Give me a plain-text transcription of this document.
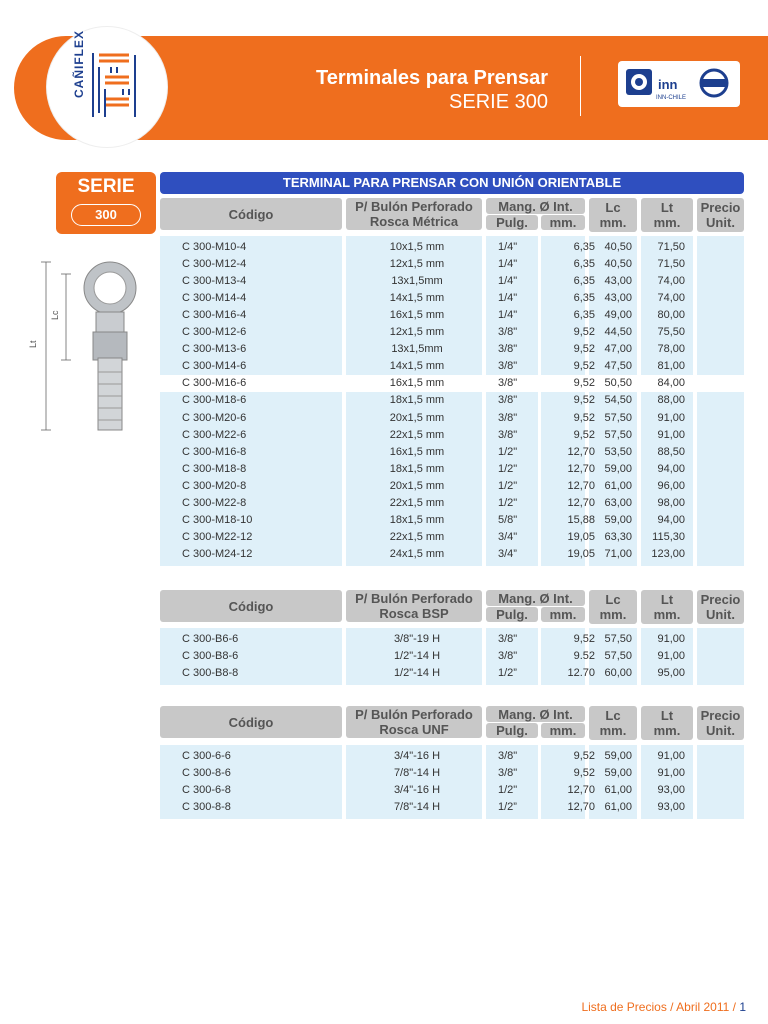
CAÑIFLEX	Terminales para Prensar
SERIE 300
inn
INN-CHILE
SERIE
300
Lt
Lc
TERMINAL PARA PRENSAR CON UNIÓN ORIENTABLE
Código	P/ Bulón Perforado
Rosca Métrica
Mang. Ø Int.
Pulg.	mm.
Lc
mm.
Lt
mm.
Precio
Unit.
C 300-M10-4	10x1,5 mm	1/4"	6,35 40,50	71,50
C 300-M12-4	12x1,5 mm	1/4"	6,35 40,50	71,50
C 300-M13-4	13x1,5mm	1/4"	6,35 43,00	74,00
C 300-M14-4	14x1,5 mm	1/4"	6,35 43,00	74,00
C 300-M16-4	16x1,5 mm	1/4"	6,35 49,00	80,00
C 300-M12-6	12x1,5 mm	3/8"	9,52 44,50	75,50
C 300-M13-6	13x1,5mm	3/8"	9,52 47,00	78,00
C 300-M14-6	14x1,5 mm	3/8"	9,52 47,50	81,00
C 300-M16-6	16x1,5 mm	3/8"	9,52 50,50	84,00
C 300-M18-6	18x1,5 mm	3/8"	9,52 54,50	88,00
C 300-M20-6	20x1,5 mm	3/8"	9,52 57,50	91,00
C 300-M22-6	22x1,5 mm	3/8"	9,52 57,50	91,00
C 300-M16-8	16x1,5 mm	1/2"	12,70 53,50	88,50
C 300-M18-8	18x1,5 mm	1/2"	12,70 59,00	94,00
C 300-M20-8	20x1,5 mm	1/2"	12,70 61,00	96,00
C 300-M22-8	22x1,5 mm	1/2"	12,70 63,00	98,00
C 300-M18-10	18x1,5 mm	5/8"	15,88 59,00	94,00
C 300-M22-12	22x1,5 mm	3/4"	19,05 63,30	115,30
C 300-M24-12	24x1,5 mm	3/4”	19,05 71,00	123,00
Código	P/ Bulón Perforado
Rosca BSP
Mang. Ø Int.
Pulg.	mm.
Lc
mm.
Lt
mm.
Precio
Unit.
C 300-B6-6	3/8"-19 H	3/8"	9,52 57,50	91,00
C 300-B8-6	1/2"-14 H	3/8"	9.52 57,50	91,00
C 300-B8-8	1/2"-14 H	1/2”	12.70 60,00	95,00
Código	P/ Bulón Perforado
Rosca UNF
Mang. Ø Int.
Pulg.	mm.
Lc
mm.
Lt
mm.
Precio
Unit.
C 300-6-6	3/4"-16 H	3/8"	9,52 59,00	91,00
C 300-8-6	7/8"-14 H	3/8"	9,52 59,00	91,00
C 300-6-8	3/4"-16 H	1/2"	12,70 61,00	93,00
C 300-8-8	7/8"-14 H	1/2”	12,70 61,00	93,00
Lista de Precios / Abril 2011 / 1
